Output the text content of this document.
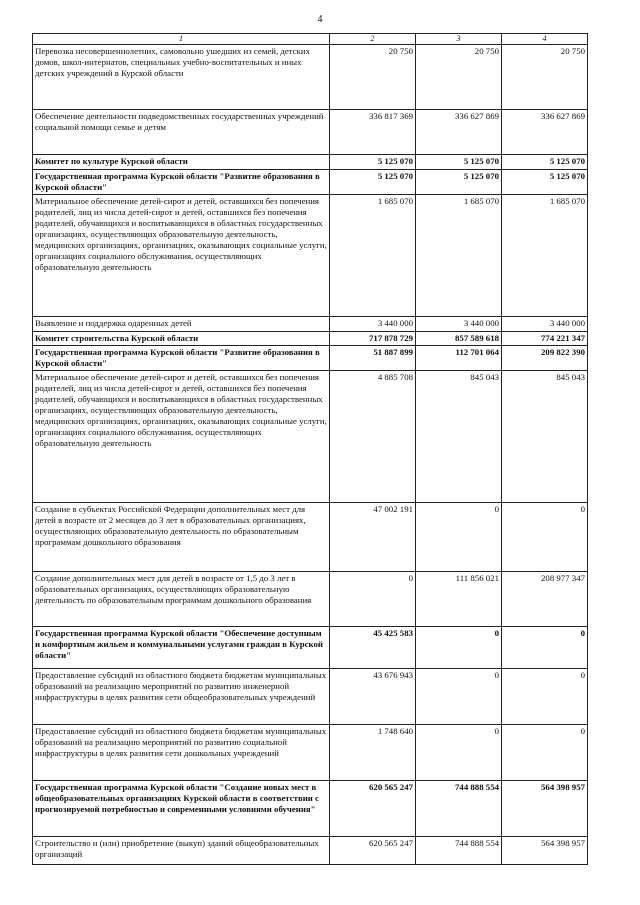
4
1	2	3	4
Перевозка несовершеннолетних, самовольно ушедших из семей, детских домов, школ-интернатов, специальных учебно-воспитательных и иных детских учреждений в Курской области	20 750	20 750	20 750
Обеспечение деятельности подведомственных государственных учреждений социальной помощи семье и детям	336 817 369	336 627 869	336 627 869
Комитет по культуре Курской области	5 125 070	5 125 070	5 125 070
Государственная программа Курской области "Развитие образования в Курской области"	5 125 070	5 125 070	5 125 070
Материальное обеспечение детей-сирот и детей, оставшихся без попечения родителей, лиц из числа детей-сирот и детей, оставшихся без попечения родителей, обучающихся и воспитывающихся в областных государственных организациях, осуществляющих образовательную деятельность, медицинских организациях, организациях, оказывающих социальные услуги, организациях социального обслуживания, осуществляющих образовательную деятельность	1 685 070	1 685 070	1 685 070
Выявление и поддержка одаренных детей	3 440 000	3 440 000	3 440 000
Комитет строительства Курской области	717 878 729	857 589 618	774 221 347
Государственная программа Курской области "Развитие образования в Курской области"	51 887 899	112 701 064	209 822 390
Материальное обеспечение детей-сирот и детей, оставшихся без попечения родителей, лиц из числа детей-сирот и детей, оставшихся без попечения родителей, обучающихся и воспитывающихся в областных государственных организациях, осуществляющих образовательную деятельность, медицинских организациях, организациях, оказывающих социальные услуги, организациях социального обслуживания, осуществляющих образовательную деятельность	4 885 708	845 043	845 043
Создание в субъектах Российской Федерации дополнительных мест для детей в возрасте от 2 месяцев до 3 лет в образовательных организациях, осуществляющих образовательную деятельность по образовательным программам дошкольного образования	47 002 191	0	0
Создание дополнительных мест для детей в возрасте от 1,5 до 3 лет в образовательных организациях, осуществляющих образовательную деятельность по образовательным программам дошкольного образования	0	111 856 021	208 977 347
Государственная программа Курской области "Обеспечение доступным и комфортным жильем и коммунальными услугами граждан в Курской области"	45 425 583	0	0
Предоставление субсидий из областного бюджета бюджетам муниципальных образований на реализацию мероприятий по развитию инженерной инфраструктуры в целях развития сети общеобразовательных учреждений	43 676 943	0	0
Предоставление субсидий из областного бюджета бюджетам муниципальных образований на реализацию мероприятий по развитию социальной инфраструктуры в целях развития сети дошкольных учреждений	1 748 640	0	0
Государственная программа Курской области "Создание новых мест в общеобразовательных организациях Курской области в соответствии с прогнозируемой потребностью и современными условиями обучения"	620 565 247	744 888 554	564 398 957
Строительство и (или) приобретение (выкуп) зданий общеобразовательных организаций	620 565 247	744 888 554	564 398 957
